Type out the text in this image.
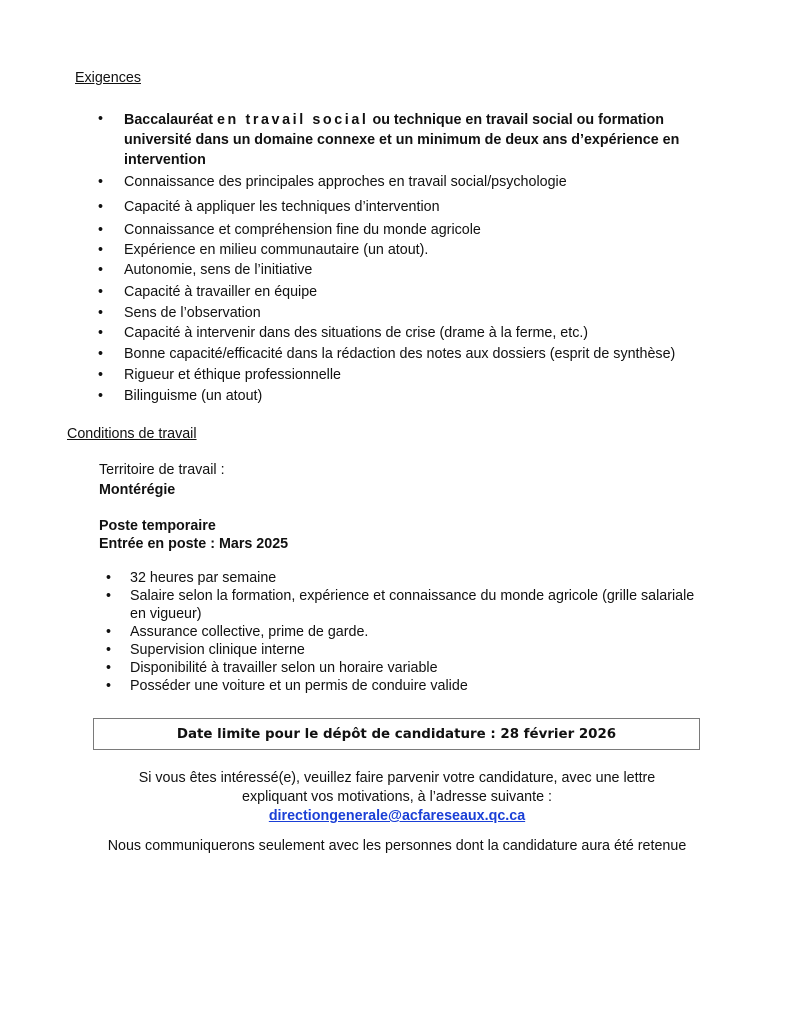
Exigences
• Baccalauréat en travail social ou technique en travail social ou formation
université dans un domaine connexe et un minimum de deux ans d’expérience en
intervention
• Connaissance des principales approches en travail social/psychologie
• Capacité à appliquer les techniques d’intervention
• Connaissance et compréhension fine du monde agricole
• Expérience en milieu communautaire (un atout).
• Autonomie, sens de l’initiative
• Capacité à travailler en équipe
• Sens de l’observation
• Capacité à intervenir dans des situations de crise (drame à la ferme, etc.)
• Bonne capacité/efficacité dans la rédaction des notes aux dossiers (esprit de synthèse)
• Rigueur et éthique professionnelle
• Bilinguisme (un atout)
Conditions de travail
Territoire de travail :
Montérégie
Poste temporaire
Entrée en poste : Mars 2025
• 32 heures par semaine
• Salaire selon la formation, expérience et connaissance du monde agricole (grille salariale
en vigueur)
• Assurance collective, prime de garde.
• Supervision clinique interne
• Disponibilité à travailler selon un horaire variable
• Posséder une voiture et un permis de conduire valide
Date limite pour le dépôt de candidature : 28 février 2026
Si vous êtes intéressé(e), veuillez faire parvenir votre candidature, avec une lettre
expliquant vos motivations, à l’adresse suivante :
directiongenerale@acfareseaux.qc.ca
Nous communiquerons seulement avec les personnes dont la candidature aura été retenue
